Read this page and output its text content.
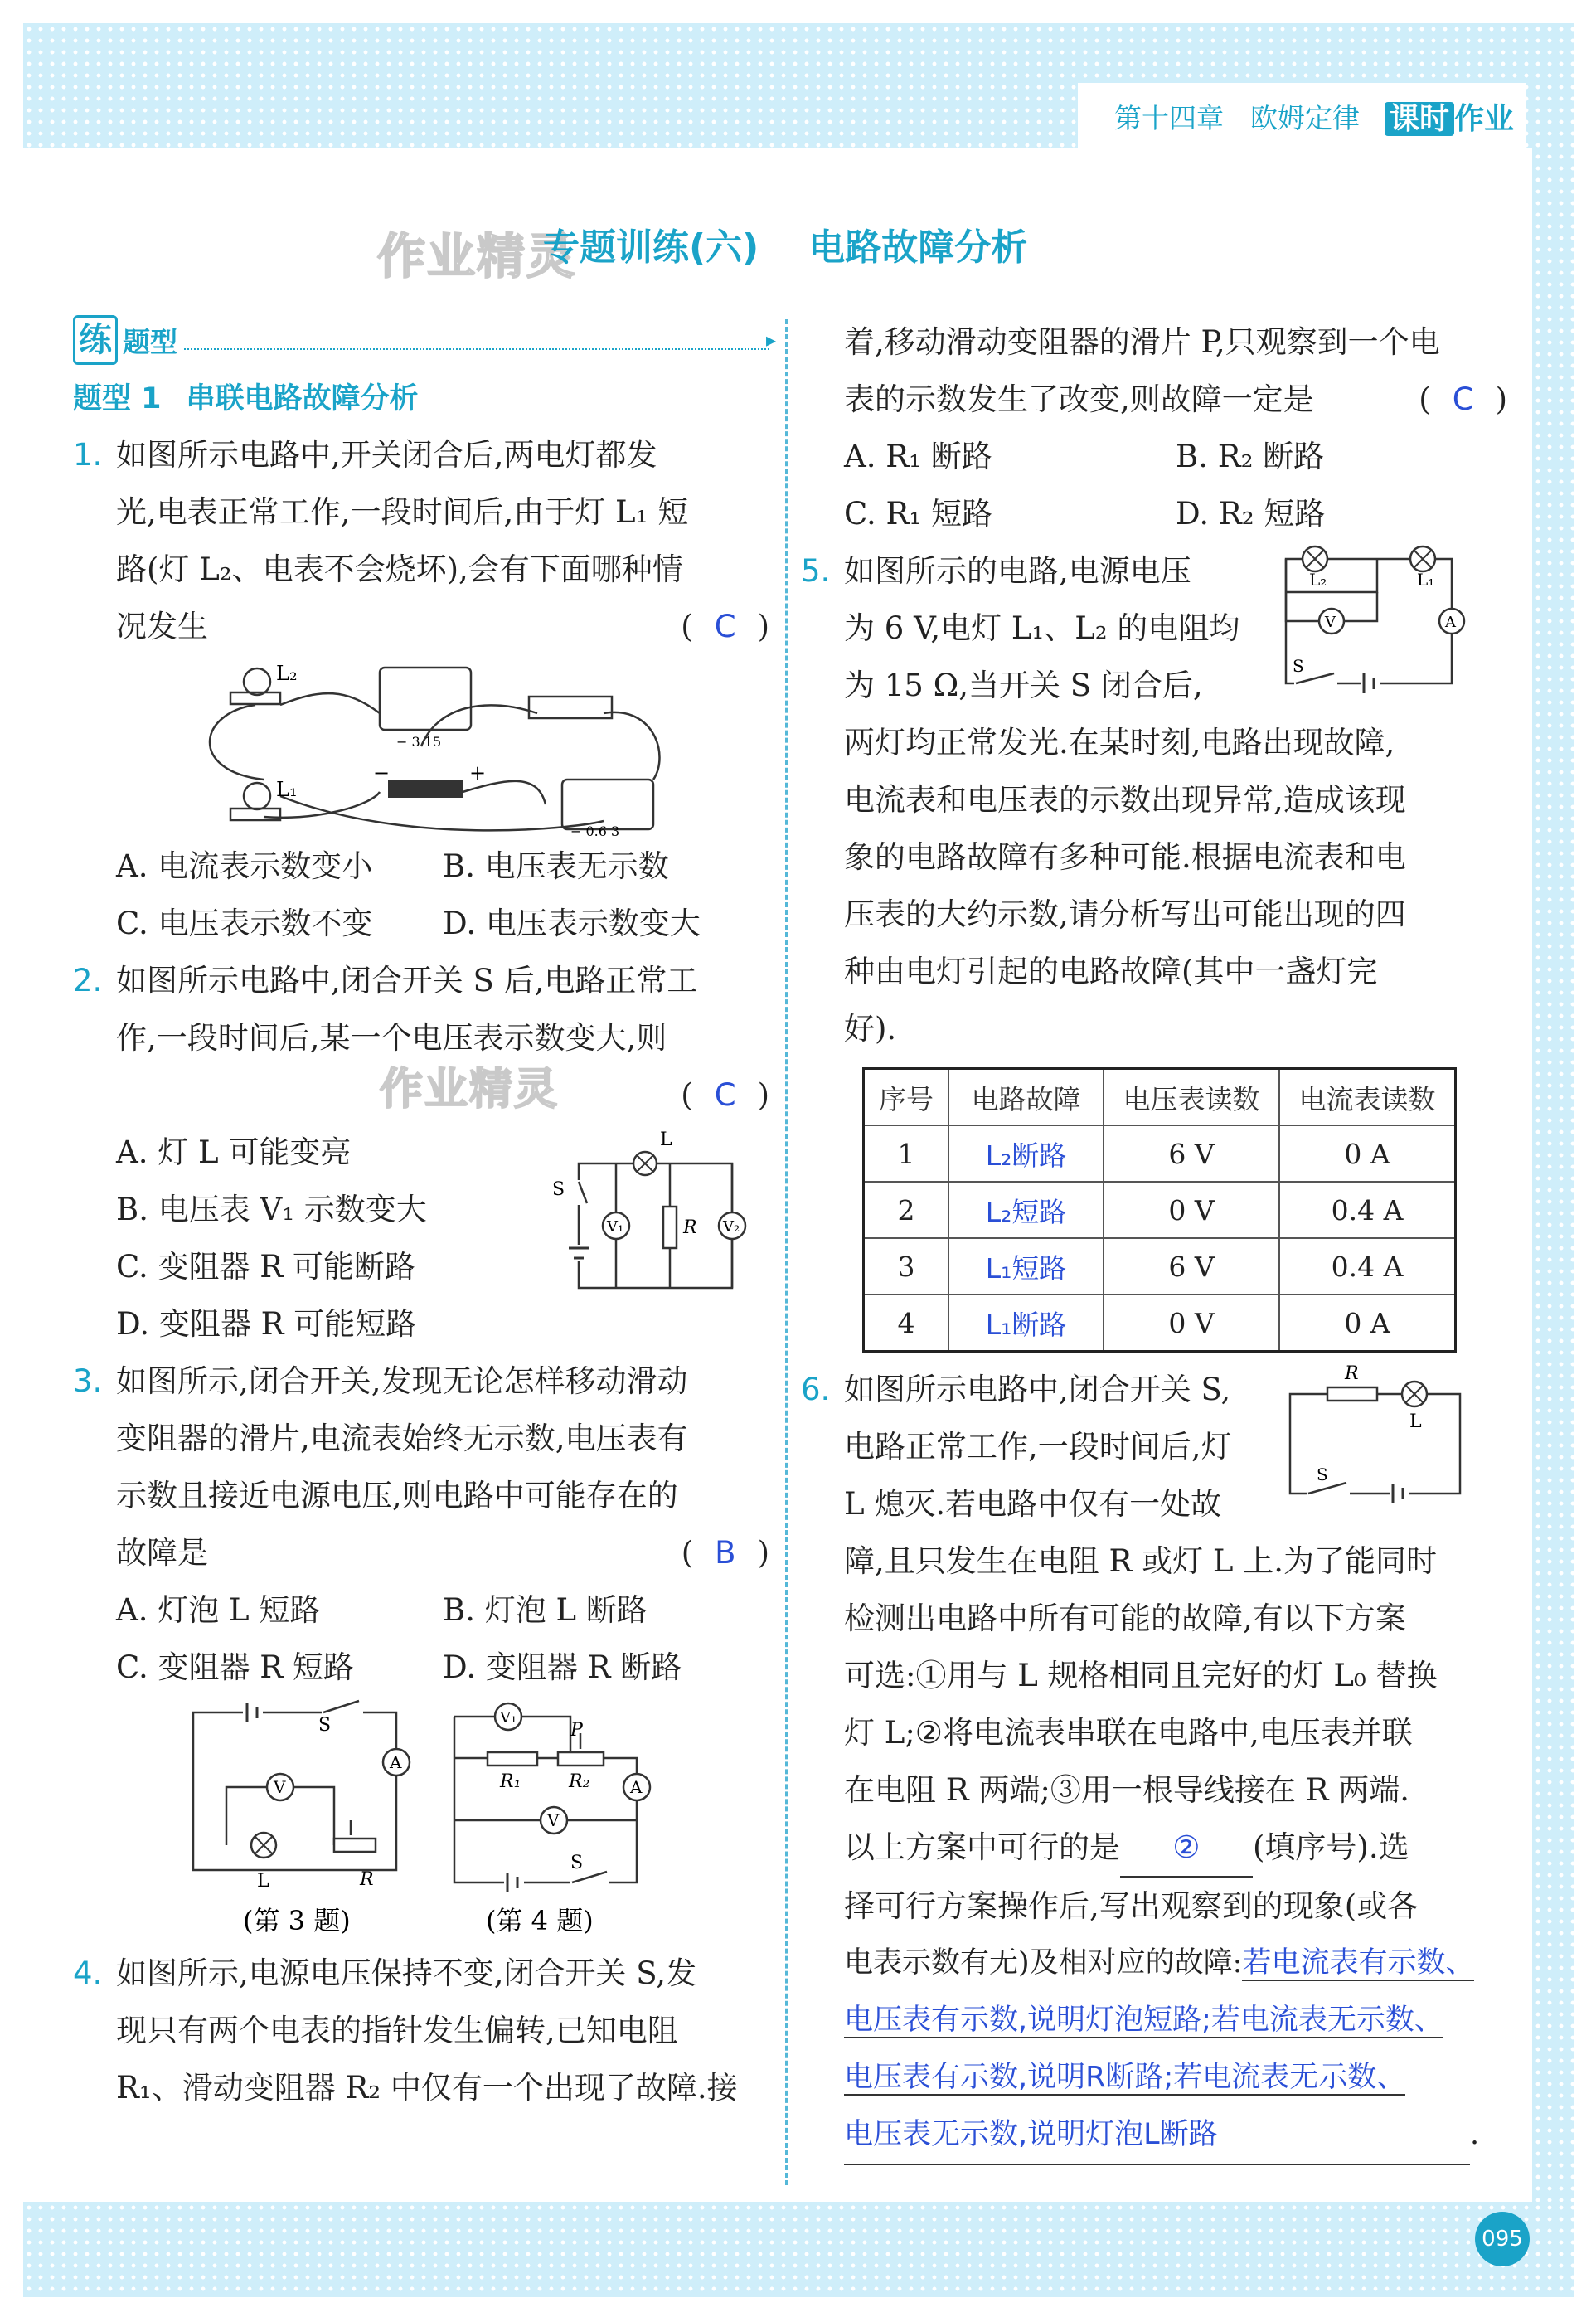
第十四章 欧姆定律 课时 作业
作业精灵
专题训练(六) 电路故障分析
练 题型
▸
题型 1 串联电路故障分析
1. 如图所示电路中,开关闭合后,两电灯都发
光,电表正常工作,一段时间后,由于灯 L₁ 短
路(灯 L₂、电表不会烧坏),会有下面哪种情
况发生	( C )
L₂
L₁
−	+
− 3 15
− 0.6 3
A. 电流表示数变小	B. 电压表无示数
C. 电压表示数不变	D. 电压表示数变大
2. 如图所示电路中,闭合开关 S 后,电路正常工
作,一段时间后,某一个电压表示数变大,则
作业精灵	( C )

A. 灯 L 可能变亮
B. 电压表 V₁ 示数变大
C. 变阻器 R 可能断路
D. 变阻器 R 可能短路
S
L
R
V₁	V₂
3. 如图所示,闭合开关,发现无论怎样移动滑动
变阻器的滑片,电流表始终无示数,电压表有
示数且接近电源电压,则电路中可能存在的
故障是	( B )
A. 灯泡 L 短路	B. 灯泡 L 断路
C. 变阻器 R 短路	D. 变阻器 R 断路
S
A
V
L	R
(第 3 题)
V₁
P
R₁	R₂ A
V
S
(第 4 题)
4. 如图所示,电源电压保持不变,闭合开关 S,发
现只有两个电表的指针发生偏转,已知电阻
R₁、滑动变阻器 R₂ 中仅有一个出现了故障.接
着,移动滑动变阻器的滑片 P,只观察到一个电
表的示数发生了改变,则故障一定是	( C )
A. R₁ 断路	B. R₂ 断路
C. R₁ 短路	D. R₂ 短路
5. 如图所示的电路,电源电压
为 6 V,电灯 L₁、L₂ 的电阻均
为 15 Ω,当开关 S 闭合后,
L₂	L₁
V	A
S
两灯均正常发光.在某时刻,电路出现故障,
电流表和电压表的示数出现异常,造成该现
象的电路故障有多种可能.根据电流表和电
压表的大约示数,请分析写出可能出现的四
种由电灯引起的电路故障(其中一盏灯完
好).
序号	电路故障	电压表读数	电流表读数
1	L₂断路	6 V	0 A
2	L₂短路	0 V	0.4 A
3	L₁短路	6 V	0.4 A
4	L₁断路	0 V	0 A
6. 如图所示电路中,闭合开关 S,
电路正常工作,一段时间后,灯
L 熄灭.若电路中仅有一处故
R
L
S
障,且只发生在电阻 R 或灯 L 上.为了能同时
检测出电路中所有可能的故障,有以下方案
可选:①用与 L 规格相同且完好的灯 L₀ 替换
灯 L;②将电流表串联在电路中,电压表并联
在电阻 R 两端;③用一根导线接在 R 两端.
以上方案中可行的是 ② (填序号).选
择可行方案操作后,写出观察到的现象(或各
电表示数有无)及相对应的故障:若电流表有示数、
电压表有示数,说明灯泡短路;若电流表无示数、
电压表有示数,说明R断路;若电流表无示数、
电压表无示数,说明灯泡L断路	.
095
